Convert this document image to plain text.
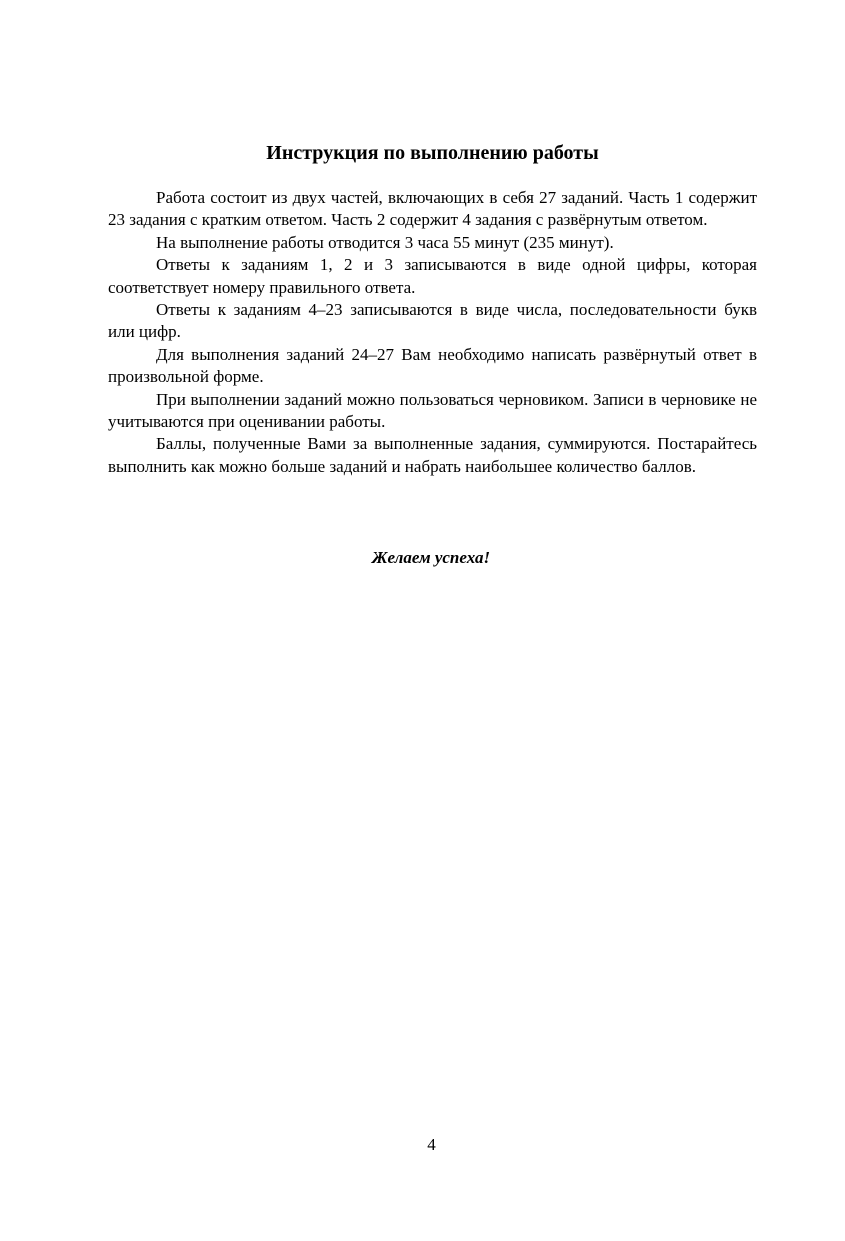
Инструкция по выполнению работы

Работа состоит из двух частей, включающих в себя 27 заданий. Часть 1 содержит 23 задания с кратким ответом. Часть 2 содержит 4 задания с развёрнутым ответом.

На выполнение работы отводится 3 часа 55 минут (235 минут).

Ответы к заданиям 1, 2 и 3 записываются в виде одной цифры, которая соответствует номеру правильного ответа.

Ответы к заданиям 4–23 записываются в виде числа, последовательности букв или цифр.

Для выполнения заданий 24–27 Вам необходимо написать развёрнутый ответ в произвольной форме.

При выполнении заданий можно пользоваться черновиком. Записи в черновике не учитываются при оценивании работы.

Баллы, полученные Вами за выполненные задания, суммируются. Постарайтесь выполнить как можно больше заданий и набрать наибольшее количество баллов.

Желаем успеха!
4
